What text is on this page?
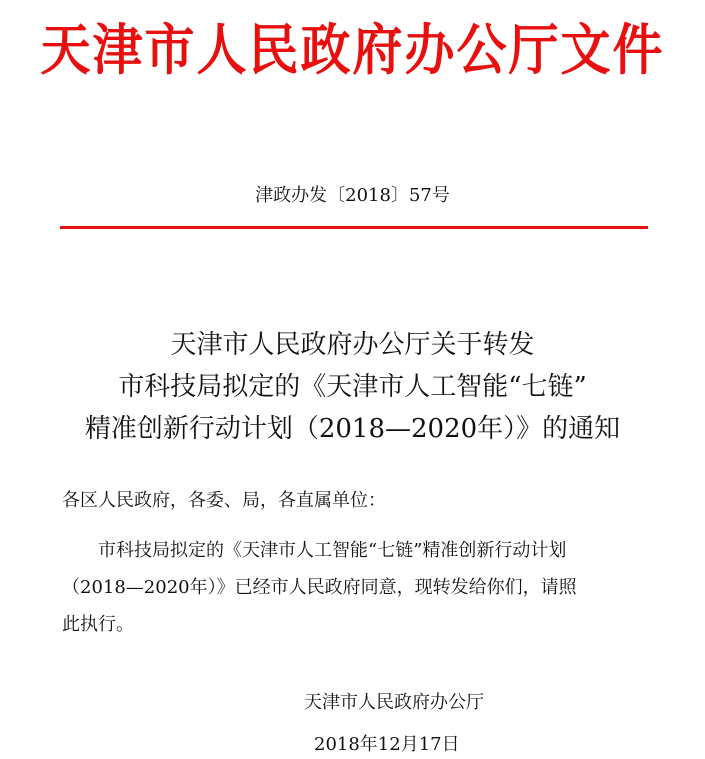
天津市人民政府办公厅文件
津政办发〔2018〕57号
天津市人民政府办公厅关于转发
市科技局拟定的《天津市人工智能“七链”
精准创新行动计划（2018—2020年）》的通知
各区人民政府，各委、局，各直属单位：
市科技局拟定的《天津市人工智能“七链”精准创新行动计划
（2018—2020年）》已经市人民政府同意，现转发给你们，请照
此执行。
天津市人民政府办公厅
2018年12月17日
